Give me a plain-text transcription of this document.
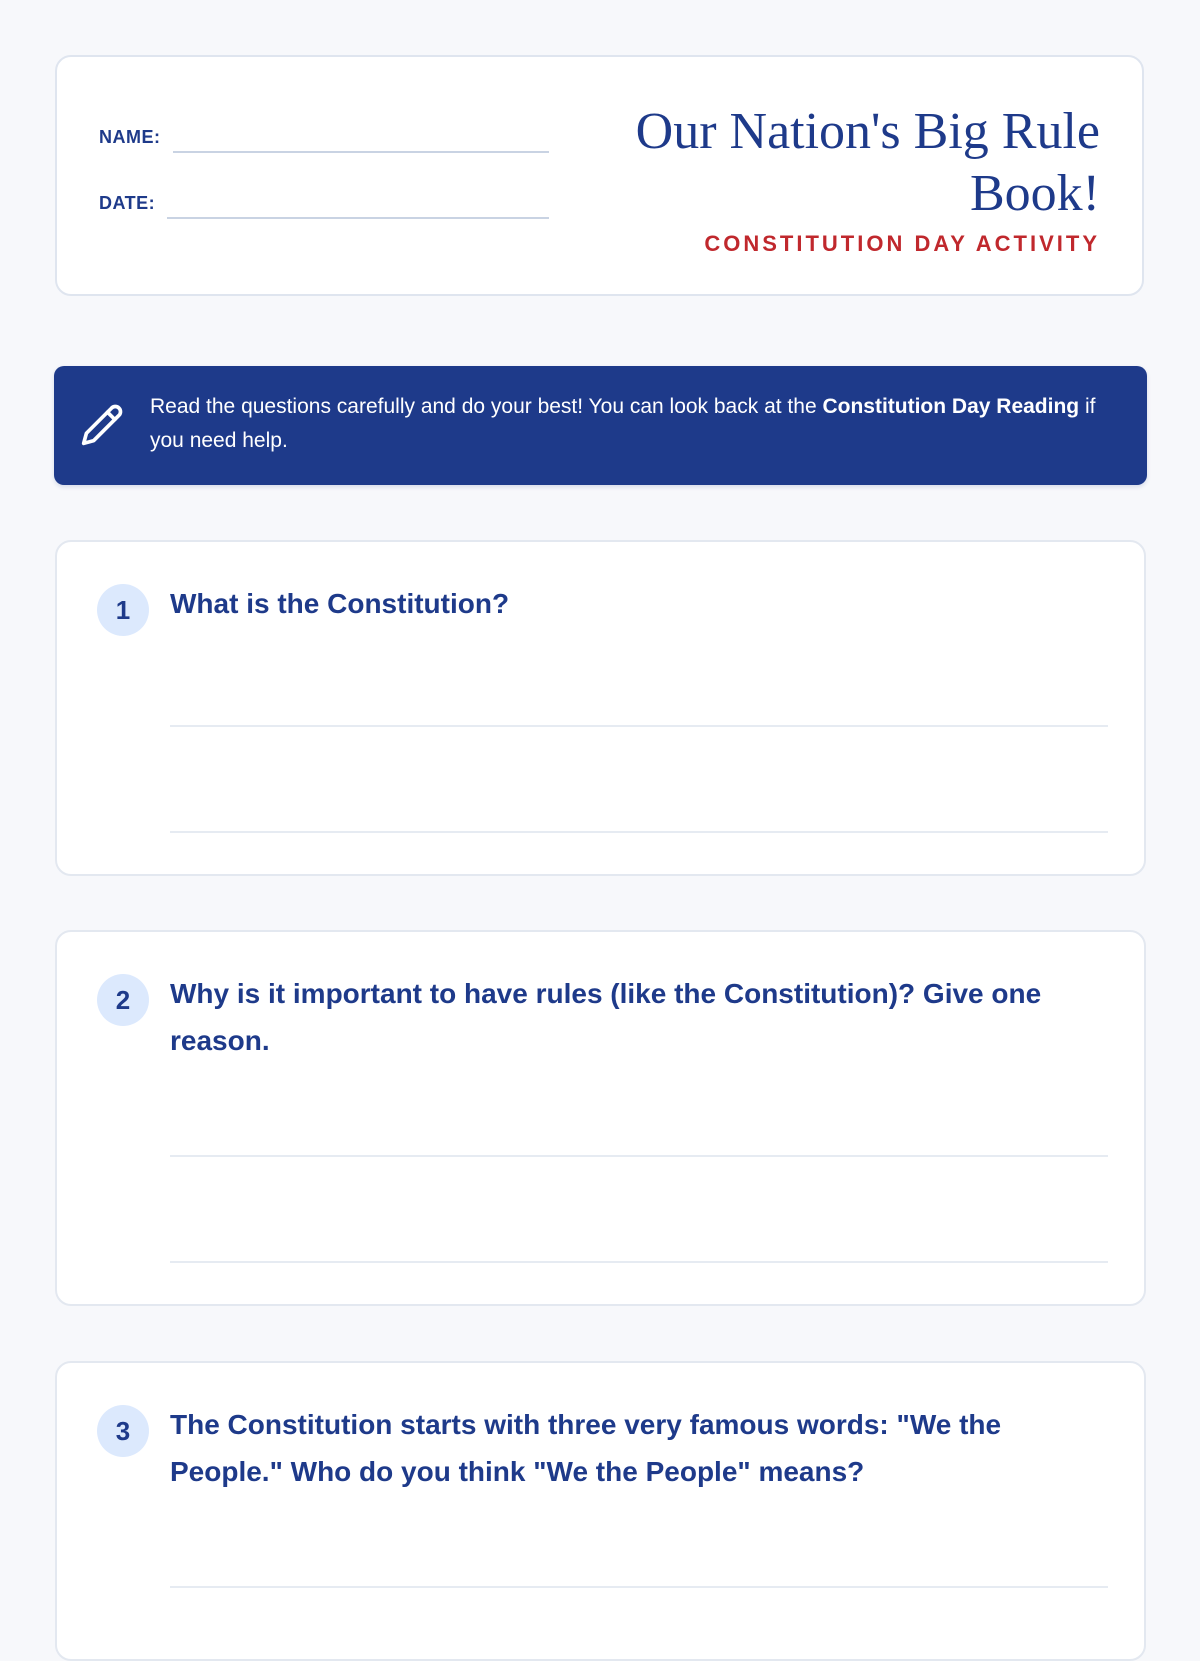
NAME:
DATE:
Our Nation's Big Rule
Book!
CONSTITUTION DAY ACTIVITY
Read the questions carefully and do your best! You can look back at the Constitution Day Reading if you need help.
1	What is the Constitution?
2	Why is it important to have rules (like the Constitution)? Give one reason.
3	The Constitution starts with three very famous words: "We the People." Who do you think "We the People" means?
